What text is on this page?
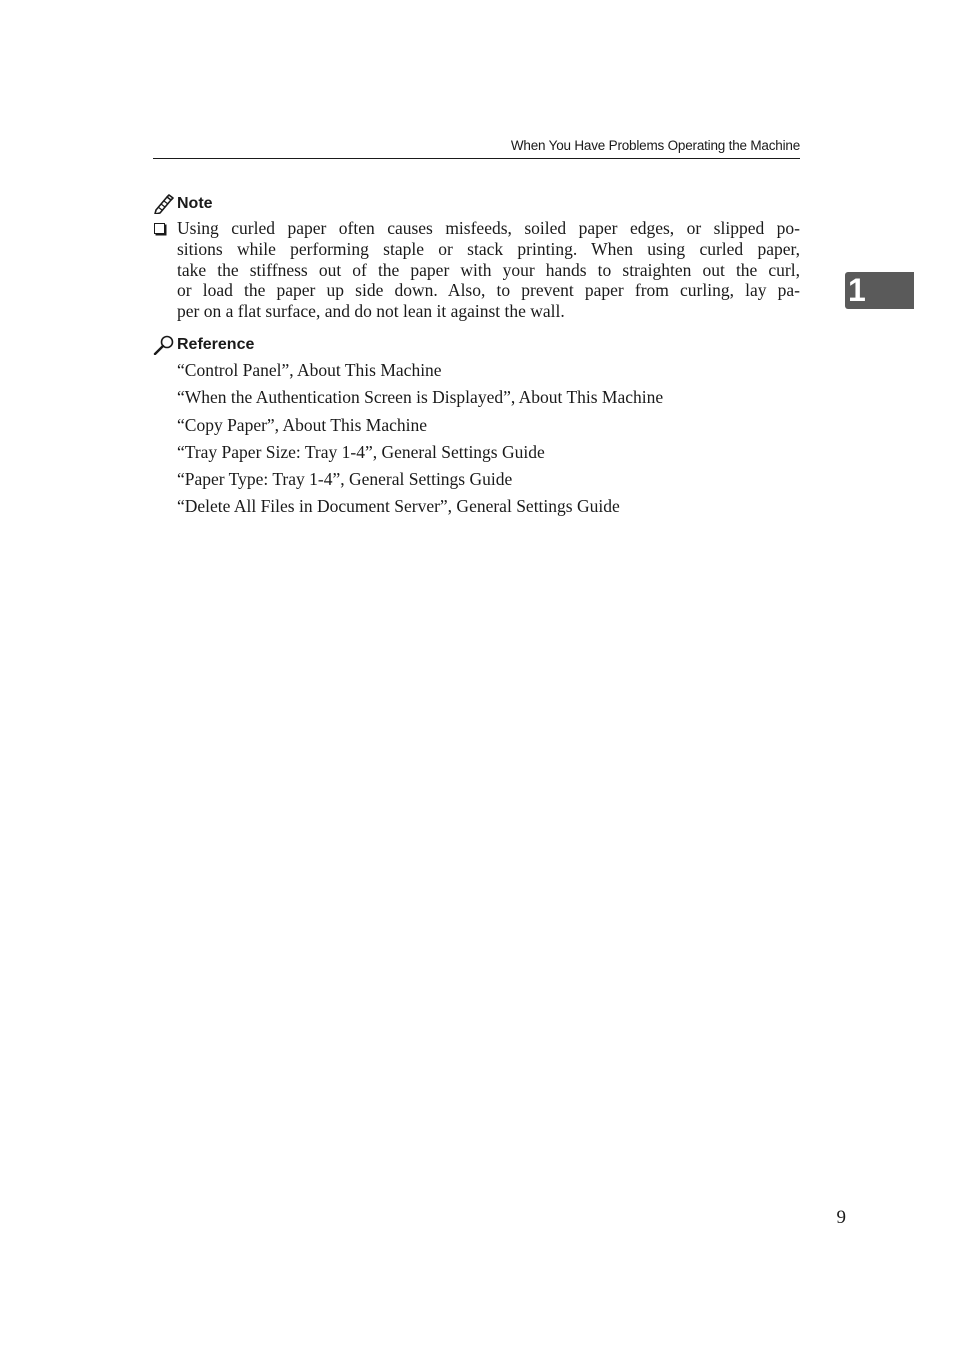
When You Have Problems Operating the Machine
Note
Using curled paper often causes misfeeds, soiled paper edges, or slipped po-
sitions while performing staple or stack printing. When using curled paper,
take the stiffness out of the paper with your hands to straighten out the curl,
or load the paper up side down. Also, to prevent paper from curling, lay pa-
per on a flat surface, and do not lean it against the wall.
Reference
“Control Panel”, About This Machine
“When the Authentication Screen is Displayed”, About This Machine
“Copy Paper”, About This Machine
“Tray Paper Size: Tray 1-4”, General Settings Guide
“Paper Type: Tray 1-4”, General Settings Guide
“Delete All Files in Document Server”, General Settings Guide
1
9
